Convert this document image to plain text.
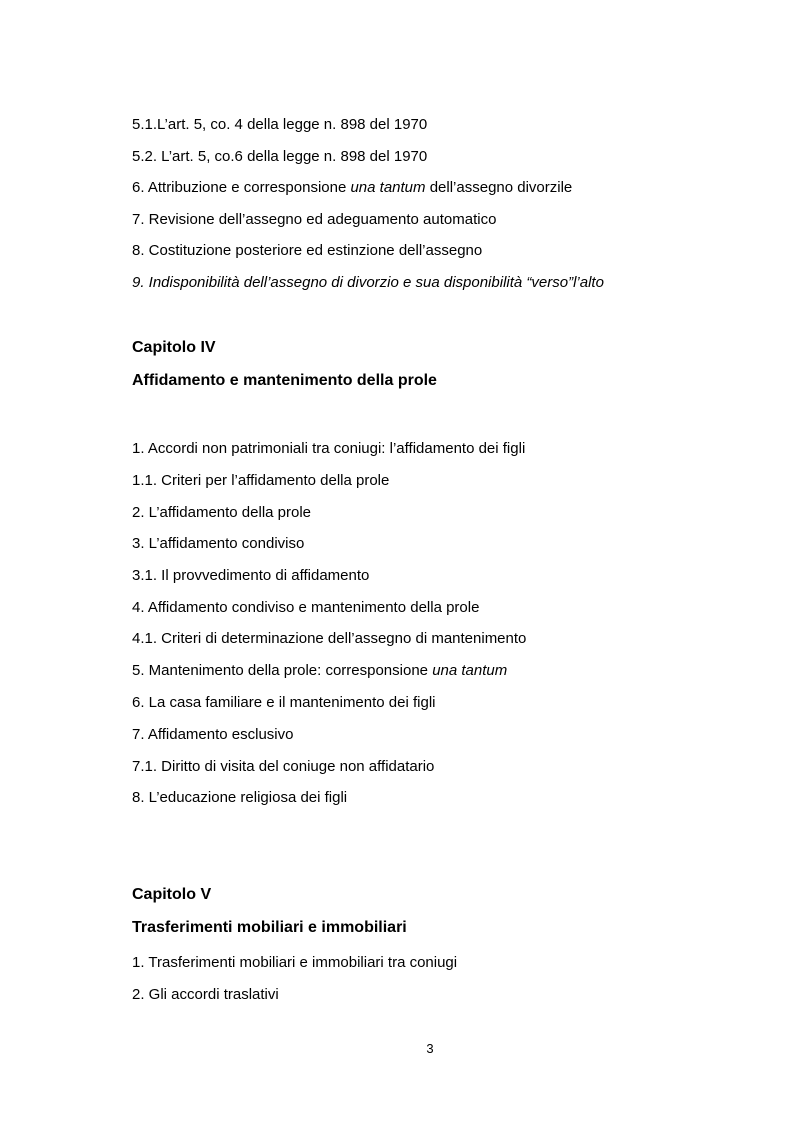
5.1.L’art. 5, co. 4 della legge n. 898 del 1970
5.2. L’art. 5, co.6 della legge n. 898 del 1970
6. Attribuzione e corresponsione una tantum dell’assegno divorzile
7. Revisione dell’assegno ed adeguamento automatico
8. Costituzione posteriore ed estinzione dell’assegno
9. Indisponibilità dell’assegno di divorzio e sua disponibilità “verso”l’alto
Capitolo IV
Affidamento e mantenimento della prole
1. Accordi non patrimoniali tra coniugi: l’affidamento dei figli
1.1. Criteri per l’affidamento della prole
2. L’affidamento della prole
3. L’affidamento condiviso
3.1. Il provvedimento di affidamento
4. Affidamento condiviso e mantenimento della prole
4.1. Criteri di determinazione dell’assegno di mantenimento
5. Mantenimento della prole: corresponsione una tantum
6. La casa familiare e il mantenimento dei figli
7. Affidamento esclusivo
7.1. Diritto di visita del coniuge non affidatario
8. L’educazione religiosa dei figli
Capitolo V
Trasferimenti mobiliari e immobiliari
1. Trasferimenti mobiliari e immobiliari tra coniugi
2. Gli accordi traslativi
3
